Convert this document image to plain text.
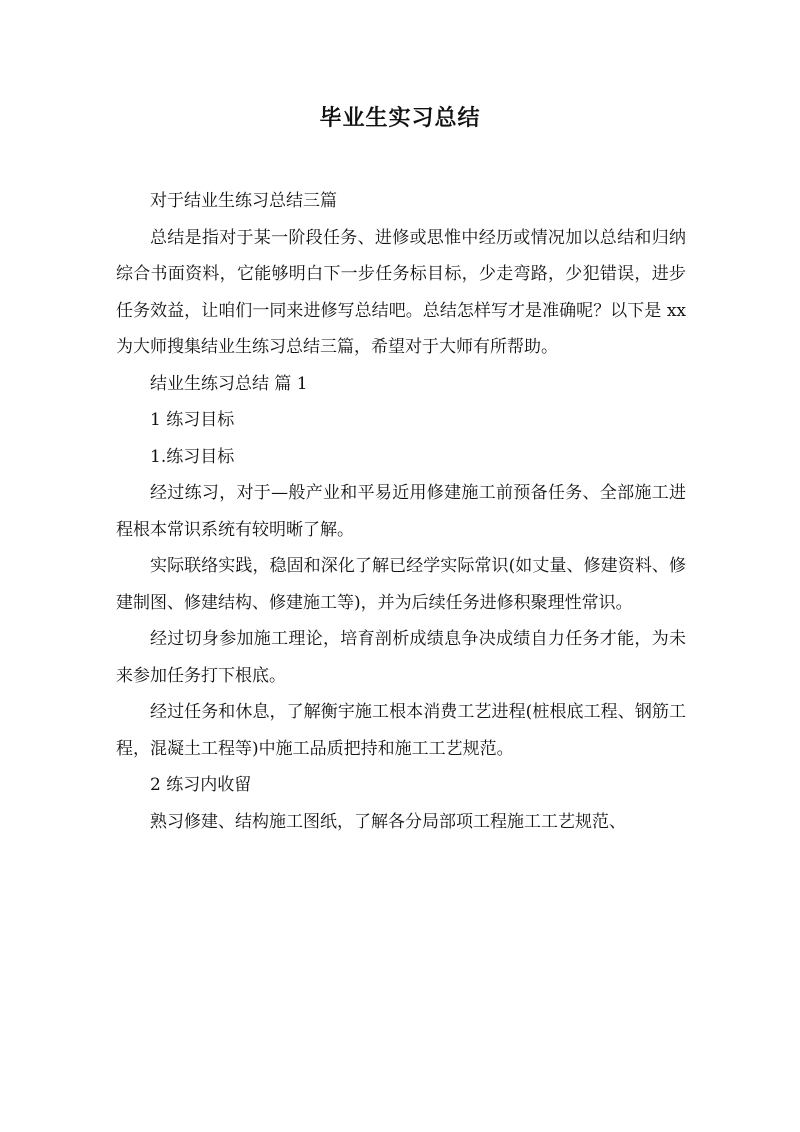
毕业生实习总结

对于结业生练习总结三篇

总结是指对于某一阶段任务、进修或思惟中经历或情况加以总结和归纳综合书面资料，它能够明白下一步任务标目标，少走弯路，少犯错误，进步任务效益，让咱们一同来进修写总结吧。总结怎样写才是准确呢？以下是 xx 为大师搜集结业生练习总结三篇，希望对于大师有所帮助。

结业生练习总结 篇 1

1 练习目标

1.练习目标

经过练习，对于—般产业和平易近用修建施工前预备任务、全部施工进程根本常识系统有较明晰了解。

实际联络实践，稳固和深化了解已经学实际常识(如丈量、修建资料、修建制图、修建结构、修建施工等)，并为后续任务进修积聚理性常识。

经过切身参加施工理论，培育剖析成绩息争决成绩自力任务才能，为未来参加任务打下根底。

经过任务和休息，了解衡宇施工根本消费工艺进程(桩根底工程、钢筋工程，混凝土工程等)中施工品质把持和施工工艺规范。

2 练习内收留

熟习修建、结构施工图纸，了解各分局部项工程施工工艺规范、
